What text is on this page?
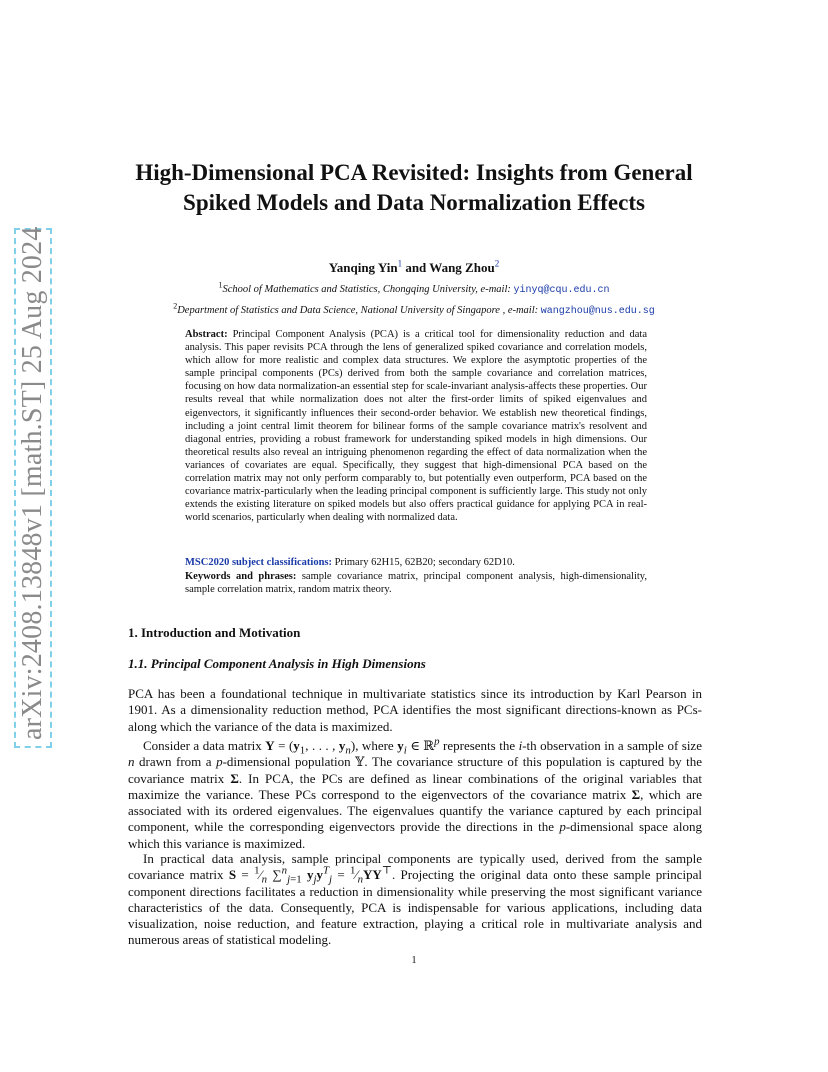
arXiv:2408.13848v1 [math.ST] 25 Aug 2024
High-Dimensional PCA Revisited: Insights from General Spiked Models and Data Normalization Effects
Yanqing Yin$^1$ and Wang Zhou$^2$
$^1$School of Mathematics and Statistics, Chongqing University, e-mail: yinyq@cqu.edu.cn
$^2$Department of Statistics and Data Science, National University of Singapore , e-mail: wangzhou@nus.edu.sg

Abstract: Principal Component Analysis (PCA) is a critical tool for dimensionality reduction and data analysis. This paper revisits PCA through the lens of generalized spiked covariance and correlation models, which allow for more realistic and complex data structures. We explore the asymptotic properties of the sample principal components (PCs) derived from both the sample covariance and correlation matrices, focusing on how data normalization-an essential step for scale-invariant analysis-affects these properties. Our results reveal that while normalization does not alter the first-order limits of spiked eigenvalues and eigenvectors, it significantly influences their second-order behavior. We establish new theoretical findings, including a joint central limit theorem for bilinear forms of the sample covariance matrix's resolvent and diagonal entries, providing a robust framework for understanding spiked models in high dimensions. Our theoretical results also reveal an intriguing phenomenon regarding the effect of data normalization when the variances of covariates are equal. Specifically, they suggest that high-dimensional PCA based on the correlation matrix may not only perform comparably to, but potentially even outperform, PCA based on the covariance matrix-particularly when the leading principal component is sufficiently large. This study not only extends the existing literature on spiked models but also offers practical guidance for applying PCA in real-world scenarios, particularly when dealing with normalized data.

MSC2020 subject classifications: Primary 62H15, 62B20; secondary 62D10.

Keywords and phrases: sample covariance matrix, principal component analysis, high-dimensionality, sample correlation matrix, random matrix theory.

1. Introduction and Motivation
1.1. Principal Component Analysis in High Dimensions

PCA has been a foundational technique in multivariate statistics since its introduction by Karl Pearson in 1901. As a dimensionality reduction method, PCA identifies the most significant directions-known as PCs-along which the variance of the data is maximized.

Consider a data matrix $Y = (y_1$, . . . , $y_n$), where $y_i$ ∈ ℝ$^p$ represents the i-th observation in a sample of size n drawn from a p-dimensional population 𝕐. The covariance structure of this population is captured by the covariance matrix Σ. In PCA, the PCs are defined as linear combinations of the original variables that maximize the variance. These PCs correspond to the eigenvectors of the covariance matrix Σ, which are associated with its ordered eigenvalues. The eigenvalues quantify the variance captured by each principal component, while the corresponding eigenvectors provide the directions in the p-dimensional space along which this variance is maximized.

In practical data analysis, sample principal components are typically used, derived from the sample covariance matrix $S = ^1⁄_n$ ∑$^n_{j=1}$ $y_jy^T_j$ = $^1⁄_nYY^⊤$. Projecting the original data onto these sample principal component directions facilitates a reduction in dimensionality while preserving the most significant variance characteristics of the data. Consequently, PCA is indispensable for various applications, including data visualization, noise reduction, and feature extraction, playing a critical role in multivariate analysis and numerous areas of statistical modeling.

1
